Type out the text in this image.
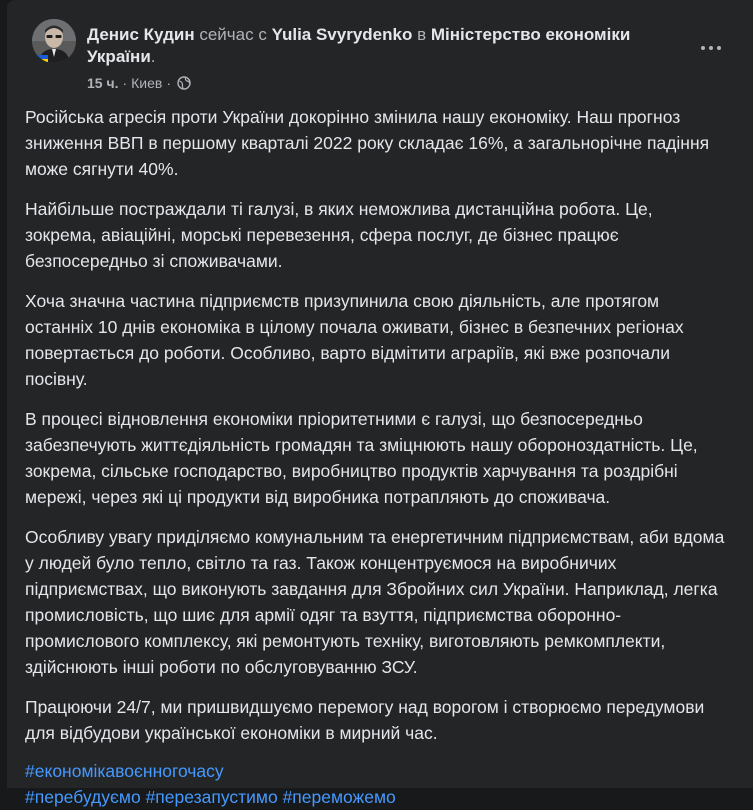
Денис Кудин сейчас с Yulia Svyrydenko в Міністерство економіки України.
15 ч. · Киев ·

Російська агресія проти України докорінно змінила нашу економіку. Наш прогноз зниження ВВП в першому кварталі 2022 року складає 16%, а загальнорічне падіння може сягнути 40%.

Найбільше постраждали ті галузі, в яких неможлива дистанційна робота. Це, зокрема, авіаційні, морські перевезення, сфера послуг, де бізнес працює безпосередньо зі споживачами.

Хоча значна частина підприємств призупинила свою діяльність, але протягом останніх 10 днів економіка в цілому почала оживати, бізнес в безпечних регіонах повертається до роботи. Особливо, варто відмітити аграріїв, які вже розпочали посівну.

В процесі відновлення економіки пріоритетними є галузі, що безпосередньо забезпечують життєдіяльність громадян та зміцнюють нашу обороноздатність. Це, зокрема, сільське господарство, виробництво продуктів харчування та роздрібні мережі, через які ці продукти від виробника потрапляють до споживача.

Особливу увагу приділяємо комунальним та енергетичним підприємствам, аби вдома у людей було тепло, світло та газ. Також концентруємося на виробничих підприємствах, що виконують завдання для Збройних сил України. Наприклад, легка промисловість, що шиє для армії одяг та взуття, підприємства оборонно-промислового комплексу, які ремонтують техніку, виготовляють ремкомплекти, здійснюють інші роботи по обслуговуванню ЗСУ.

Працюючи 24/7, ми пришвидшуємо перемогу над ворогом і створюємо передумови для відбудови української економіки в мирний час.

#економікавоєнногочасу
#перебудуємо #перезапустимо #переможемо
